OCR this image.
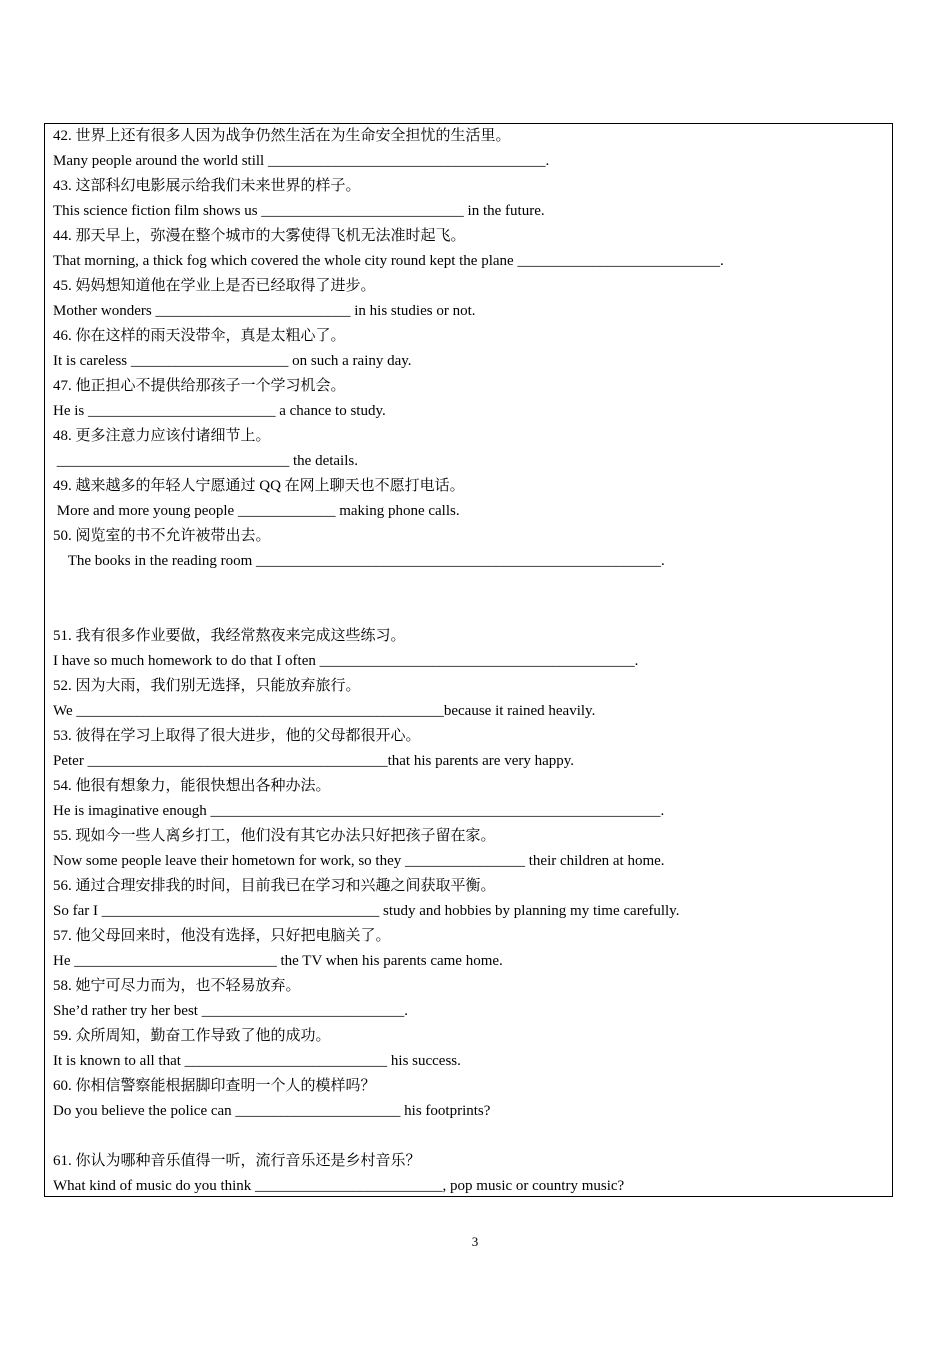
42. 世界上还有很多人因为战争仍然生活在为生命安全担忧的生活里。
Many people around the world still _____________________________________.
43. 这部科幻电影展示给我们未来世界的样子。
This science fiction film shows us ___________________________ in the future.
44. 那天早上，弥漫在整个城市的大雾使得飞机无法准时起飞。
That morning, a thick fog which covered the whole city round kept the plane ___________________________.
45. 妈妈想知道他在学业上是否已经取得了进步。
Mother wonders __________________________ in his studies or not.
46. 你在这样的雨天没带伞，真是太粗心了。
It is careless _____________________ on such a rainy day.
47. 他正担心不提供给那孩子一个学习机会。
He is _________________________ a chance to study.
48. 更多注意力应该付诸细节上。
_______________________________ the details.
49. 越来越多的年轻人宁愿通过 QQ 在网上聊天也不愿打电话。
More and more young people _____________ making phone calls.
50. 阅览室的书不允许被带出去。
The books in the reading room ______________________________________________________.
51. 我有很多作业要做，我经常熬夜来完成这些练习。
I have so much homework to do that I often __________________________________________.
52. 因为大雨，我们别无选择，只能放弃旅行。
We _________________________________________________because it rained heavily.
53. 彼得在学习上取得了很大进步，他的父母都很开心。
Peter ________________________________________that his parents are very happy.
54. 他很有想象力，能很快想出各种办法。
He is imaginative enough ____________________________________________________________.
55. 现如今一些人离乡打工，他们没有其它办法只好把孩子留在家。
Now some people leave their hometown for work, so they ________________ their children at home.
56. 通过合理安排我的时间，目前我已在学习和兴趣之间获取平衡。
So far I _____________________________________ study and hobbies by planning my time carefully.
57. 他父母回来时，他没有选择，只好把电脑关了。
He ___________________________ the TV when his parents came home.
58. 她宁可尽力而为，也不轻易放弃。
She’d rather try her best ___________________________.
59. 众所周知，勤奋工作导致了他的成功。
It is known to all that ___________________________ his success.
60. 你相信警察能根据脚印查明一个人的模样吗？
Do you believe the police can ______________________ his footprints?
61. 你认为哪种音乐值得一听，流行音乐还是乡村音乐？
What kind of music do you think _________________________, pop music or country music?
3
